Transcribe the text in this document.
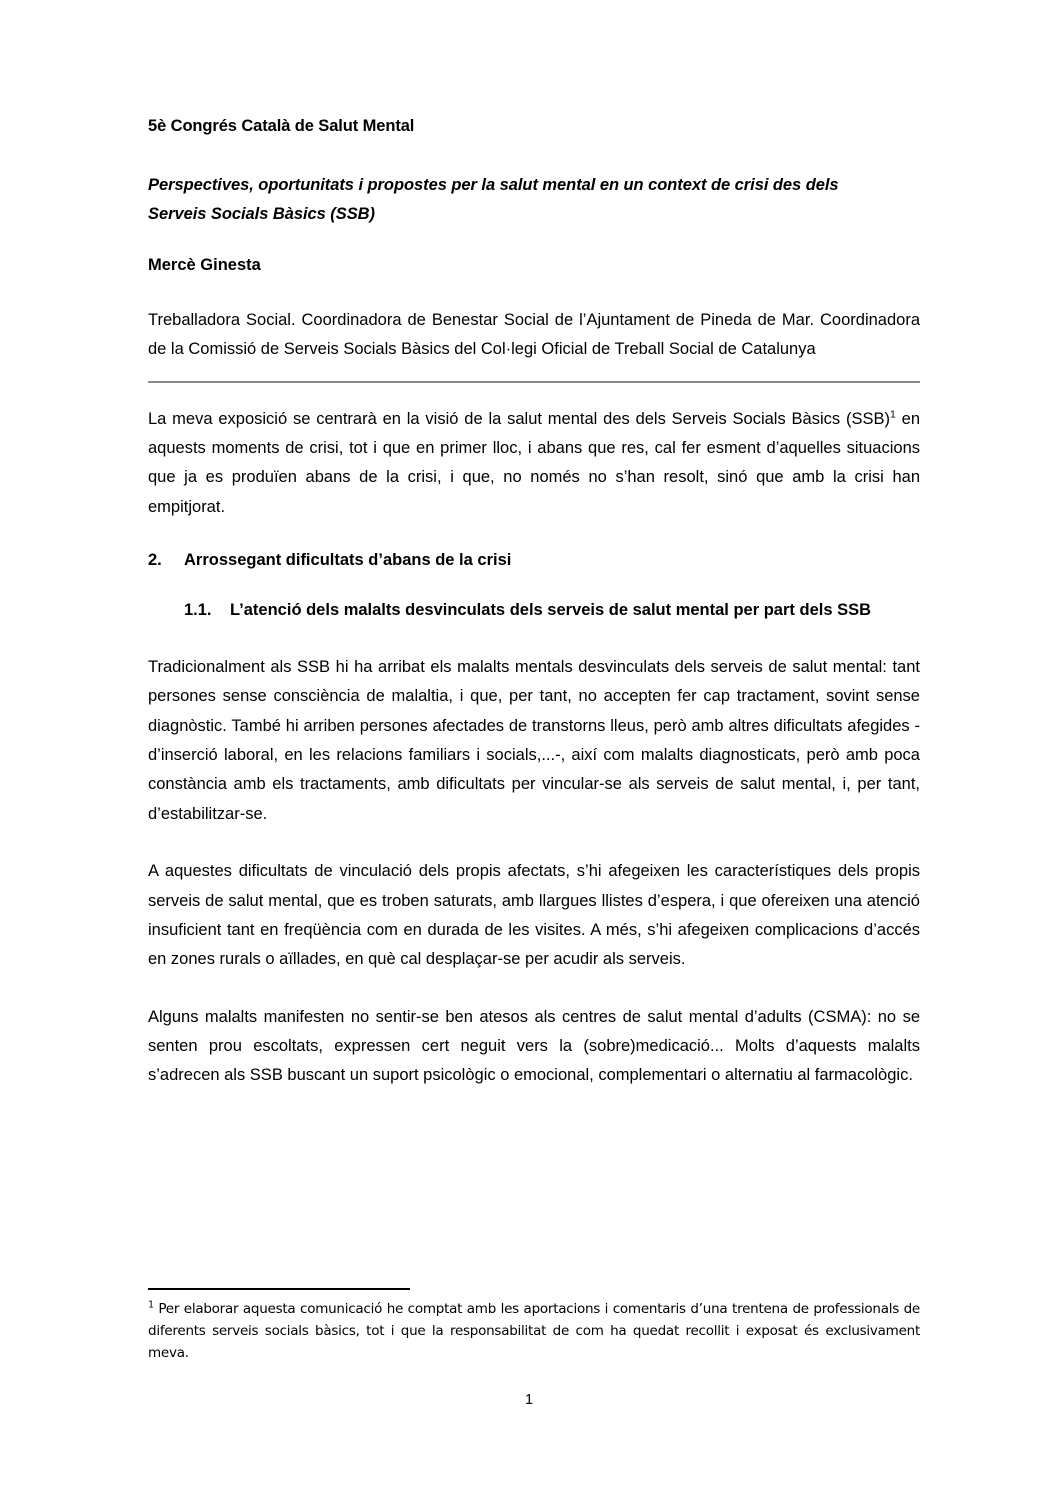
5è Congrés Català de Salut Mental
Perspectives, oportunitats i propostes per la salut mental en un context de crisi des dels
Serveis Socials Bàsics (SSB)
Mercè Ginesta

Treballadora Social. Coordinadora de Benestar Social de l’Ajuntament de Pineda de Mar. Coordinadora de la Comissió de Serveis Socials Bàsics del Col·legi Oficial de Treball Social de Catalunya

La meva exposició se centrarà en la visió de la salut mental des dels Serveis Socials Bàsics (SSB)$^1$ en aquests moments de crisi, tot i que en primer lloc, i abans que res, cal fer esment d’aquelles situacions que ja es produïen abans de la crisi, i que, no només no s’han resolt, sinó que amb la crisi han empitjorat.

2.	Arrossegant dificultats d’abans de la crisi
1.1.	L’atenció dels malalts desvinculats dels serveis de salut mental per part dels SSB

Tradicionalment als SSB hi ha arribat els malalts mentals desvinculats dels serveis de salut mental: tant persones sense consciència de malaltia, i que, per tant, no accepten fer cap tractament, sovint sense diagnòstic. També hi arriben persones afectades de transtorns lleus, però amb altres dificultats afegides -d’inserció laboral, en les relacions familiars i socials,...-, així com malalts diagnosticats, però amb poca constància amb els tractaments, amb dificultats per vincular-se als serveis de salut mental, i, per tant, d’estabilitzar-se.

A aquestes dificultats de vinculació dels propis afectats, s’hi afegeixen les característiques dels propis serveis de salut mental, que es troben saturats, amb llargues llistes d’espera, i que ofereixen una atenció insuficient tant en freqüència com en durada de les visites. A més, s’hi afegeixen complicacions d’accés en zones rurals o aïllades, en què cal desplaçar-se per acudir als serveis.

Alguns malalts manifesten no sentir-se ben atesos als centres de salut mental d’adults (CSMA): no se senten prou escoltats, expressen cert neguit vers la (sobre)medicació... Molts d’aquests malalts s’adrecen als SSB buscant un suport psicològic o emocional, complementari o alternatiu al farmacològic.

$^1$ Per elaborar aquesta comunicació he comptat amb les aportacions i comentaris d’una trentena de professionals de diferents serveis socials bàsics, tot i que la responsabilitat de com ha quedat recollit i exposat és exclusivament meva.

1
